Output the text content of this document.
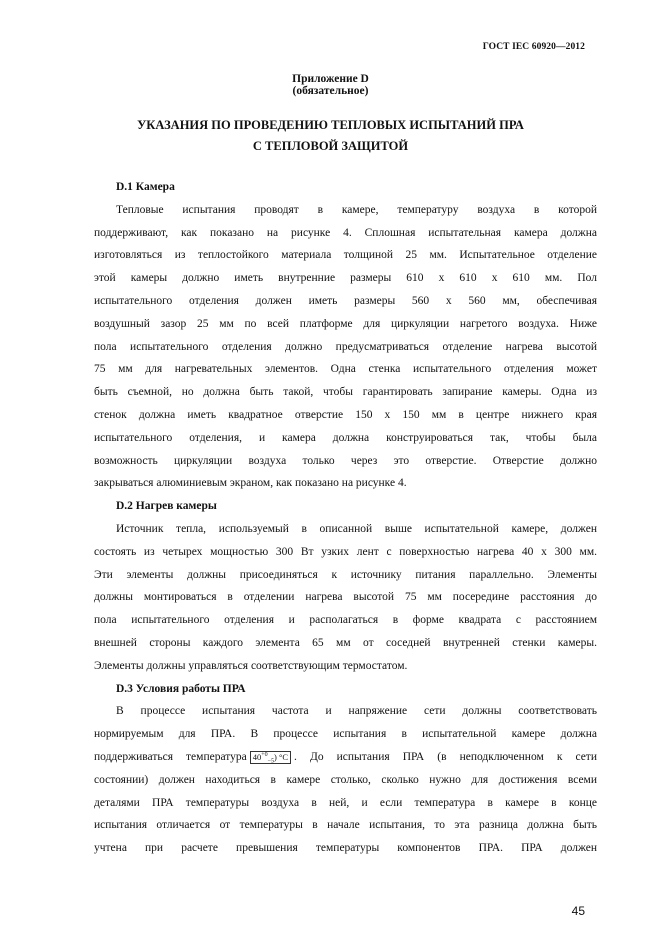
ГОСТ IEC 60920—2012
Приложение D
(обязательное)
УКАЗАНИЯ ПО ПРОВЕДЕНИЮ ТЕПЛОВЫХ ИСПЫТАНИЙ ПРА
С ТЕПЛОВОЙ ЗАЩИТОЙ
D.1 Камера
Тепловые испытания проводят в камере, температуру воздуха в которой
поддерживают, как показано на рисунке 4. Сплошная испытательная камера должна
изготовляться из теплостойкого материала толщиной 25 мм. Испытательное отделение
этой камеры должно иметь внутренние размеры 610 х 610 х 610 мм. Пол
испытательного отделения должен иметь размеры 560 х 560 мм, обеспечивая
воздушный зазор 25 мм по всей платформе для циркуляции нагретого воздуха. Ниже
пола испытательного отделения должно предусматриваться отделение нагрева высотой
75 мм для нагревательных элементов. Одна стенка испытательного отделения может
быть съемной, но должна быть такой, чтобы гарантировать запирание камеры. Одна из
стенок должна иметь квадратное отверстие 150 х 150 мм в центре нижнего края
испытательного отделения, и камера должна конструироваться так, чтобы была
возможность циркуляции воздуха только через это отверстие. Отверстие должно
закрываться алюминиевым экраном, как показано на рисунке 4.
D.2 Нагрев камеры
Источник тепла, используемый в описанной выше испытательной камере, должен
состоять из четырех мощностью 300 Вт узких лент с поверхностью нагрева 40 х 300 мм.
Эти элементы должны присоединяться к источнику питания параллельно. Элементы
должны монтироваться в отделении нагрева высотой 75 мм посередине расстояния до
пола испытательного отделения и располагаться в форме квадрата с расстоянием
внешней стороны каждого элемента 65 мм от соседней внутренней стенки камеры.
Элементы должны управляться соответствующим термостатом.
D.3 Условия работы ПРА
В процессе испытания частота и напряжение сети должны соответствовать
нормируемым для ПРА. В процессе испытания в испытательной камере должна
поддерживаться температура $40^{+0}_{-5}$) °С . До испытания ПРА (в неподключенном к сети
состоянии) должен находиться в камере столько, сколько нужно для достижения всеми
деталями ПРА температуры воздуха в ней, и если температура в камере в конце
испытания отличается от температуры в начале испытания, то эта разница должна быть
учтена при расчете превышения температуры компонентов ПРА. ПРА должен
45
